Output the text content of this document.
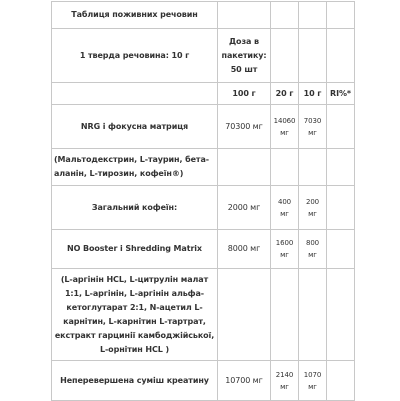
Таблиця поживних речовин				
1 тверда речовина: 10 г	Доза в пакетику: 50 шт			
	100 г	20 г	10 г	RI%*
NRG і фокусна матриця	70300 мг	14060 мг	7030 мг	
(Мальтодекстрин, L-таурин, бета-аланін, L-тирозин, кофеїн®)				
Загальний кофеїн:	2000 мг	400 мг	200 мг	
NO Booster i Shredding Matrix	8000 мг	1600 мг	800 мг	
(L-аргінін HCL, L-цитрулін малат 1:1, L-аргінін, L-аргінін альфа-кетоглутарат 2:1, N-ацетил L-карнітин, L-карнітин L-тартрат, екстракт гарцинії камбоджійської, L-орнітин HCL )				
Неперевершена суміш креатину	10700 мг	2140 мг	1070 мг	
